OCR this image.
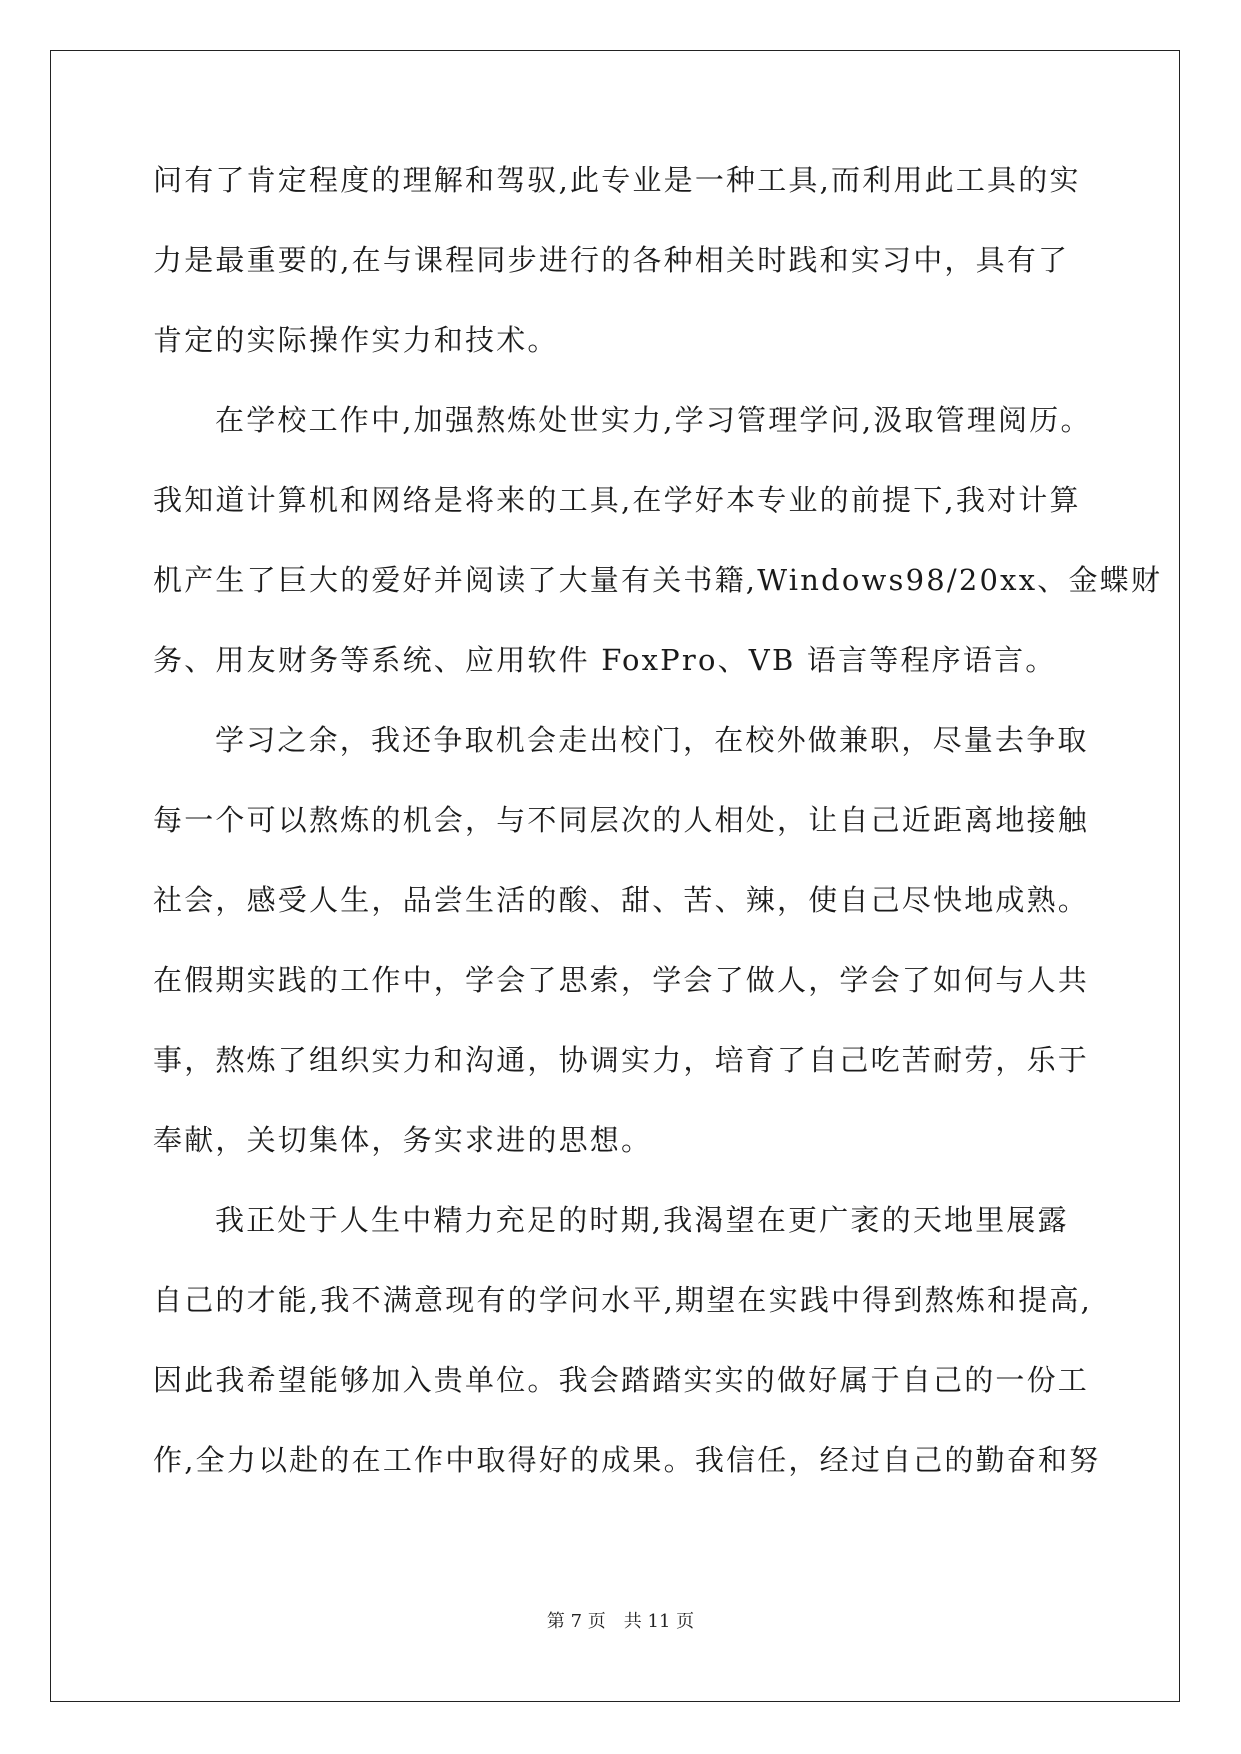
问有了肯定程度的理解和驾驭,此专业是一种工具,而利用此工具的实
力是最重要的,在与课程同步进行的各种相关时践和实习中，具有了
肯定的实际操作实力和技术。
在学校工作中,加强熬炼处世实力,学习管理学问,汲取管理阅历。
我知道计算机和网络是将来的工具,在学好本专业的前提下,我对计算
机产生了巨大的爱好并阅读了大量有关书籍,Windows98/20xx、金蝶财
务、用友财务等系统、应用软件 FoxPro、VB 语言等程序语言。
学习之余，我还争取机会走出校门，在校外做兼职，尽量去争取
每一个可以熬炼的机会，与不同层次的人相处，让自己近距离地接触
社会，感受人生，品尝生活的酸、甜、苦、辣，使自己尽快地成熟。
在假期实践的工作中，学会了思索，学会了做人，学会了如何与人共
事，熬炼了组织实力和沟通，协调实力，培育了自己吃苦耐劳，乐于
奉献，关切集体，务实求进的思想。
我正处于人生中精力充足的时期,我渴望在更广袤的天地里展露
自己的才能,我不满意现有的学问水平,期望在实践中得到熬炼和提高,
因此我希望能够加入贵单位。我会踏踏实实的做好属于自己的一份工
作,全力以赴的在工作中取得好的成果。我信任，经过自己的勤奋和努
第 7 页 共 11 页
